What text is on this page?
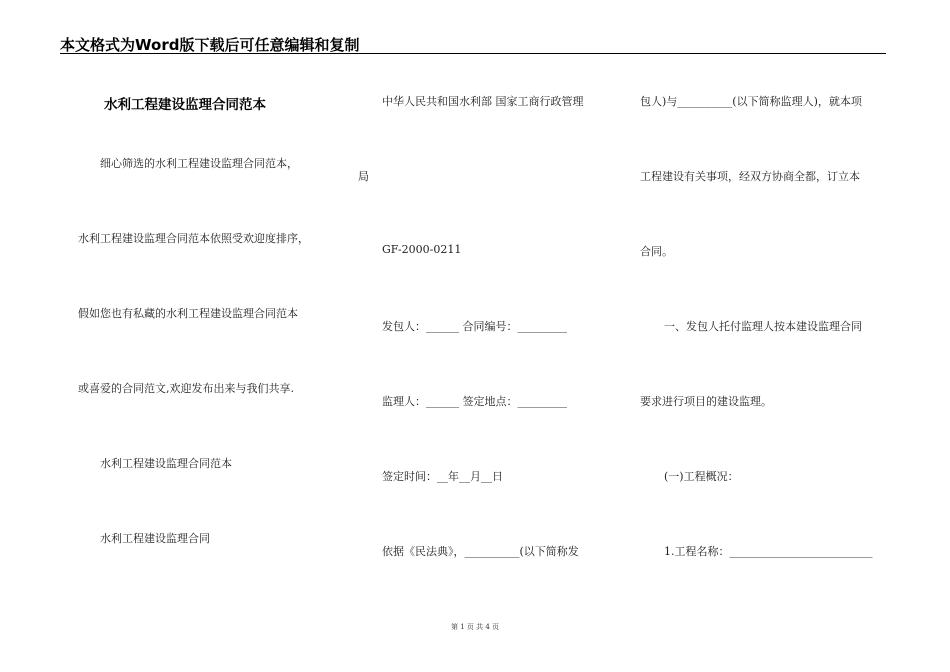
本文格式为Word版下载后可任意编辑和复制
水利工程建设监理合同范本
细心筛选的水利工程建设监理合同范本，
水利工程建设监理合同范本依照受欢迎度排序，
假如您也有私藏的水利工程建设监理合同范本
或喜爱的合同范文,欢迎发布出来与我们共享.
水利工程建设监理合同范本
水利工程建设监理合同
中华人民共和国水利部 国家工商行政管理
局
GF-2000-0211
发包人：______ 合同编号：_________
监理人：______ 签定地点：_________
签定时间：__年__月__日
依据《民法典》，__________(以下简称发
包人)与__________(以下简称监理人)，就本项
工程建设有关事项，经双方协商全都，订立本
合同。
一、发包人托付监理人按本建设监理合同
要求进行项目的建设监理。
(一)工程概况：
1.工程名称：__________________________
第 1 页 共 4 页
